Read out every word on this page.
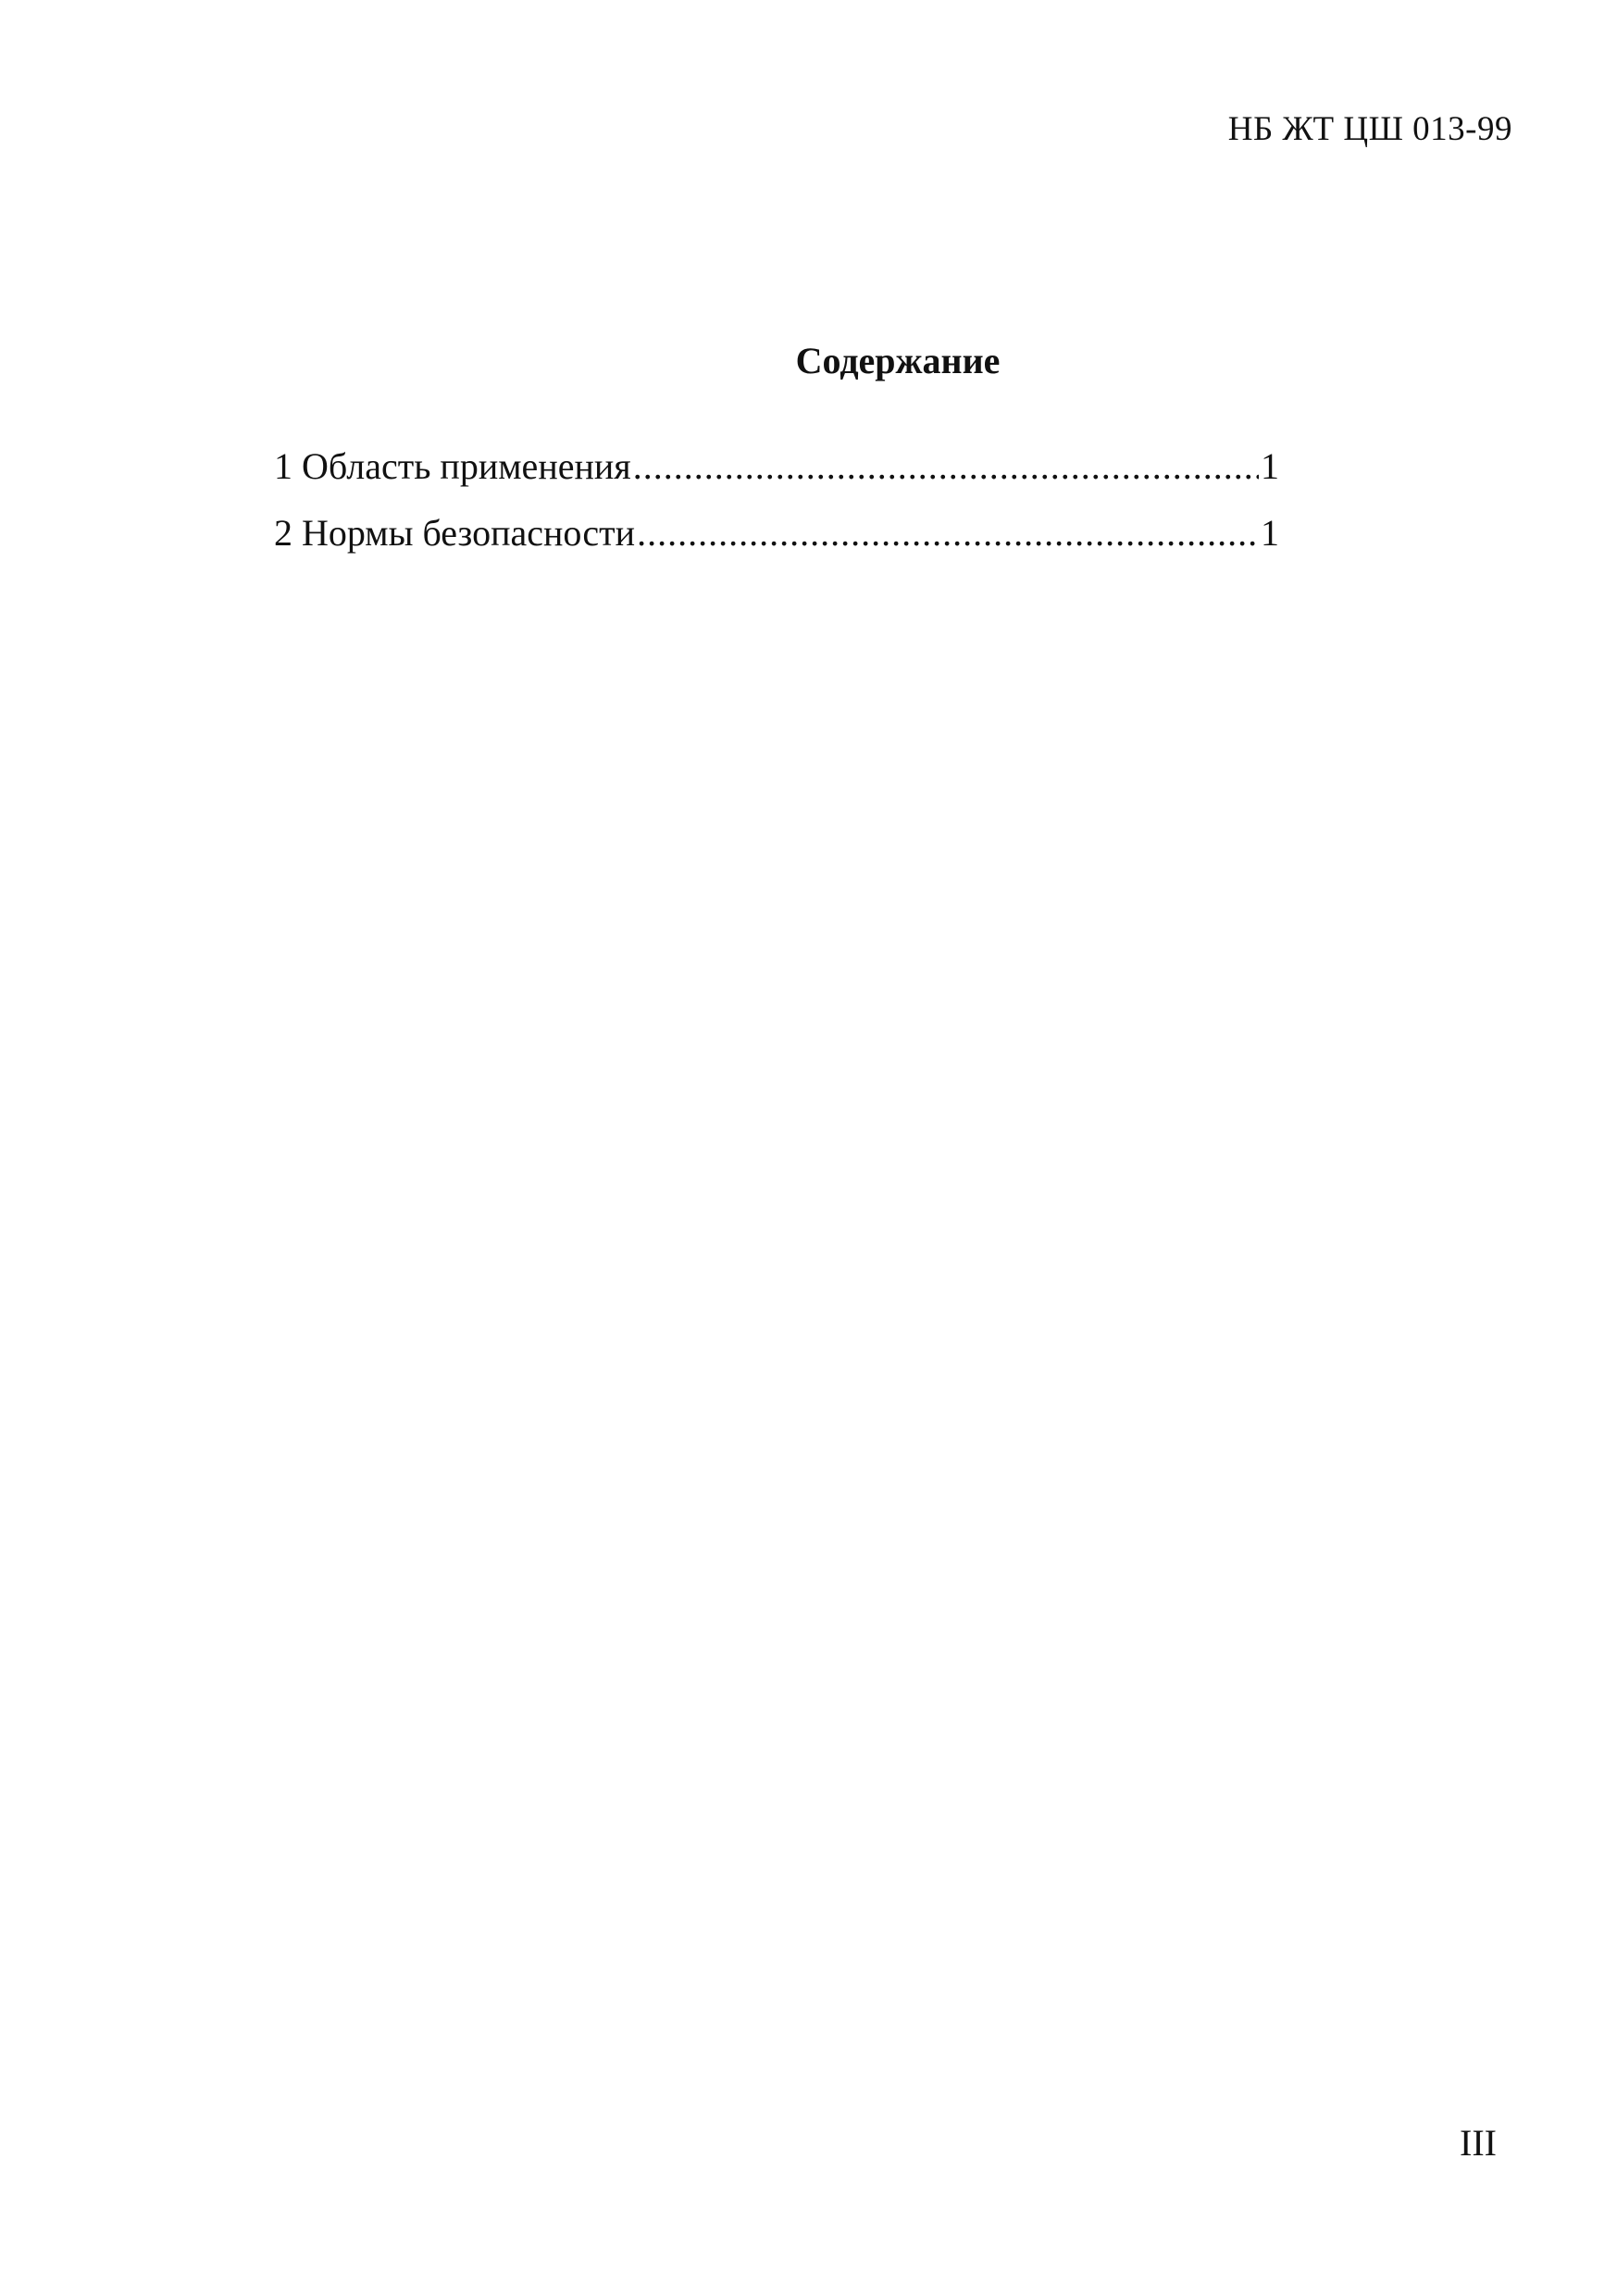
НБ ЖТ ЦШ 013-99
Содержание
1 Область применения .....	1
2 Нормы безопасности .....	1
III
